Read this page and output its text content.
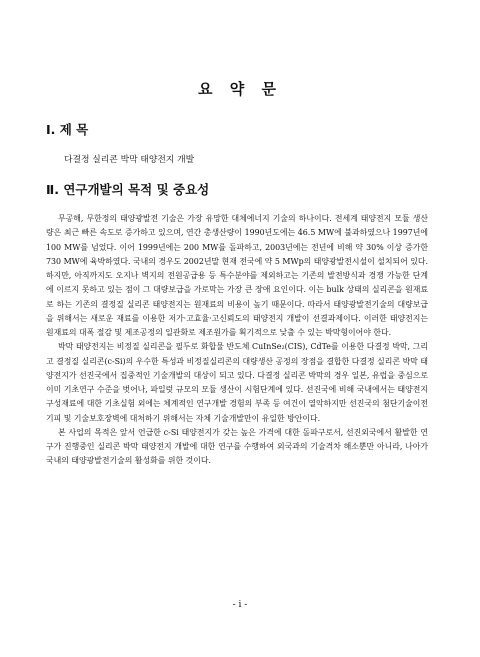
요 약 문
Ⅰ. 제 목
다결정 실리콘 박막 태양전지 개발
Ⅱ. 연구개발의 목적 및 중요성

무공해, 무한정의 태양광발전 기술은 가장 유망한 대체에너지 기술의 하나이다. 전세계 태양전지 모듈 생산량은 최근 빠른 속도로 증가하고 있으며, 연간 총생산량이 1990년도에는 46.5 MW에 불과하였으나 1997년에 100 MW를 넘었다. 이어 1999년에는 200 MW를 돌파하고, 2003년에는 전년에 비해 약 30% 이상 증가한 730 MW에 육박하였다. 국내의 경우도 2002년말 현재 전국에 약 5 MWp의 태양광발전시설이 설치되어 있다. 하지만, 아직까지도 오지나 벽지의 전원공급용 등 특수분야를 제외하고는 기존의 발전방식과 경쟁 가능한 단계에 이르지 못하고 있는 점이 그 대량보급을 가로막는 가장 큰 장애 요인이다. 이는 bulk 상태의 실리콘을 원재료로 하는 기존의 결정질 실리콘 태양전지는 원재료의 비용이 높기 때문이다. 따라서 태양광발전기술의 대량보급을 위해서는 새로운 재료를 이용한 저가·고효율·고신뢰도의 태양전지 개발이 선결과제이다. 이러한 태양전지는 원재료의 대폭 절감 및 제조공정의 일관화로 제조원가를 획기적으로 낮출 수 있는 박막형이어야 한다.

박막 태양전지는 비정질 실리콘을 필두로 화합물 반도체 CuInSe₂(CIS), CdTe를 이용한 다결정 박막, 그리고 결정질 실리콘(c-Si)의 우수한 특성과 비정질실리콘의 대량생산 공정의 장점을 결합한 다결정 실리콘 박막 태양전지가 선진국에서 집중적인 기술개발의 대상이 되고 있다. 다결정 실리콘 박막의 경우 일본, 유럽을 중심으로 이미 기초연구 수준을 벗어나, 파일럿 규모의 모듈 생산이 시험단계에 있다. 선진국에 비해 국내에서는 태양전지 구성재료에 대한 기초실험 외에는 체계적인 연구개발 경험의 부족 등 여건이 열악하지만 선진국의 첨단기술이전기피 및 기술보호장벽에 대처하기 위해서는 자체 기술개발만이 유일한 방안이다.

본 사업의 목적은 앞서 언급한 c-Si 태양전지가 갖는 높은 가격에 대한 돌파구로서, 선진외국에서 활발한 연구가 진행중인 실리콘 박막 태양전지 개발에 대한 연구를 수행하여 외국과의 기술격차 해소뿐만 아니라, 나아가 국내의 태양광발전기술의 활성화를 위한 것이다.

- i -
